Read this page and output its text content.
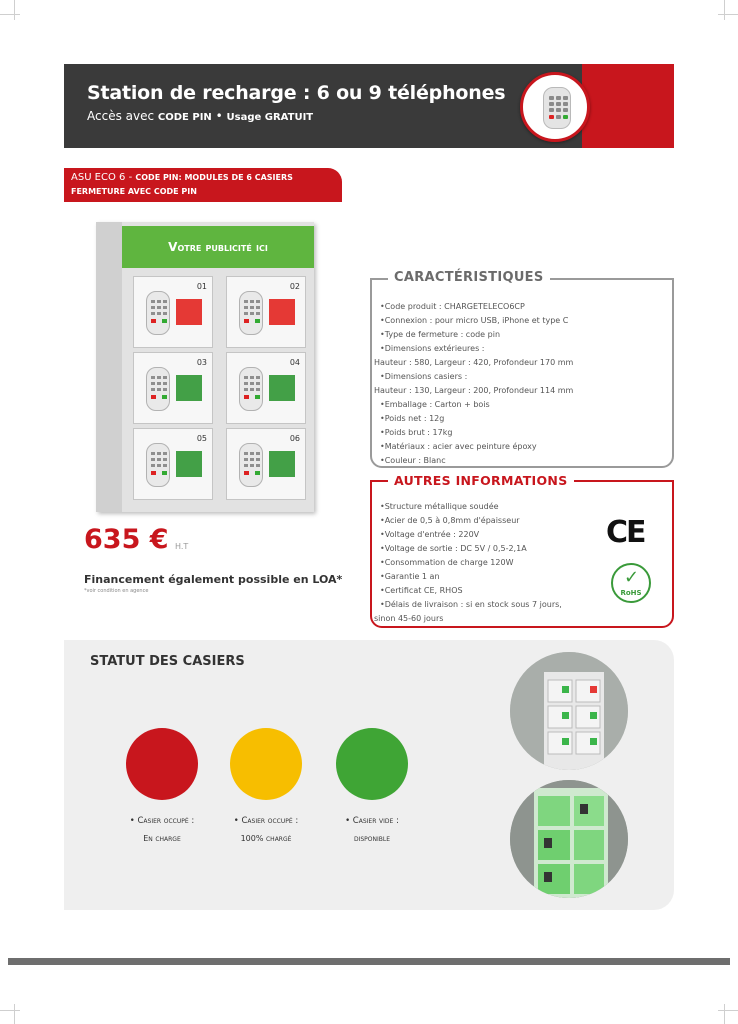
Station de recharge : 6 ou 9 téléphones
Accès avec CODE PIN • Usage GRATUIT
ASU ECO 6 - CODE PIN: MODULES DE 6 CASIERS
FERMETURE AVEC CODE PIN
Votre publicité ici
01	02
03	04
05	06
635 € H.T
Financement également possible en LOA*
*voir condition en agence
CARACTÉRISTIQUES
• Code produit : CHARGETELECO6CP
• Connexion : pour micro USB, iPhone et type C
• Type de fermeture : code pin
• Dimensions extérieures :
Hauteur : 580, Largeur : 420, Profondeur 170 mm
• Dimensions casiers :
Hauteur : 130, Largeur : 200, Profondeur 114 mm
• Emballage : Carton + bois
• Poids net : 12g
• Poids brut : 17kg
• Matériaux : acier avec peinture époxy
• Couleur : Blanc
AUTRES INFORMATIONS
• Structure métallique soudée
• Acier de 0,5 à 0,8mm d'épaisseur
• Voltage d'entrée : 220V
• Voltage de sortie : DC 5V / 0,5-2,1A
• Consommation de charge 120W
• Garantie 1 an
• Certificat CE, RHOS
• Délais de livraison : si en stock sous 7 jours,
sinon 45-60 jours
CE
✓
RoHS
STATUT DES CASIERS
• Casier occupé :
En charge
• Casier occupé :
100% chargé
• Casier vide :
disponible
